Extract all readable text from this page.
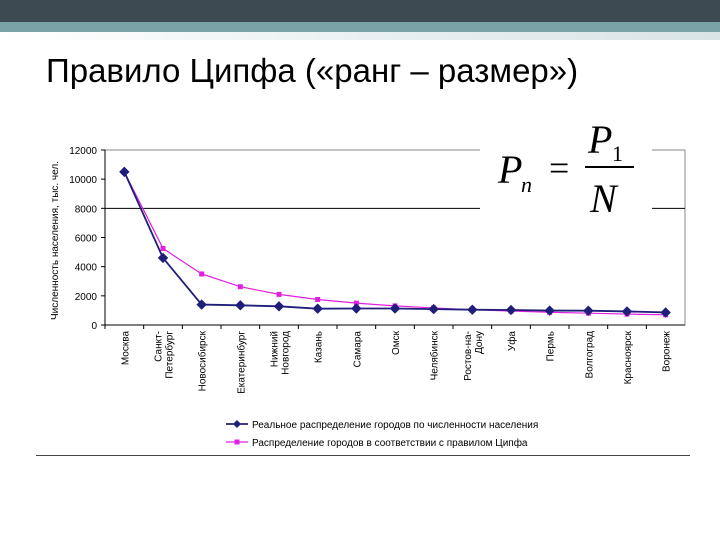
Правило Ципфа («ранг – размер»)
Численность населения, тыс. чел.
0
2000
4000
6000
8000
10000
12000
Москва Санкт- Петербург Новосибирск	Екатеринбург Нижний Новгород Казань	Самара	Омск	Челябинск Ростов-на- Дону Уфа	Пермь	Волгоград	Красноярск	Воронеж
Реальное распределение городов по численности населения
Распределение городов в соответствии с правилом Ципфа
P
n =
P 1
N
